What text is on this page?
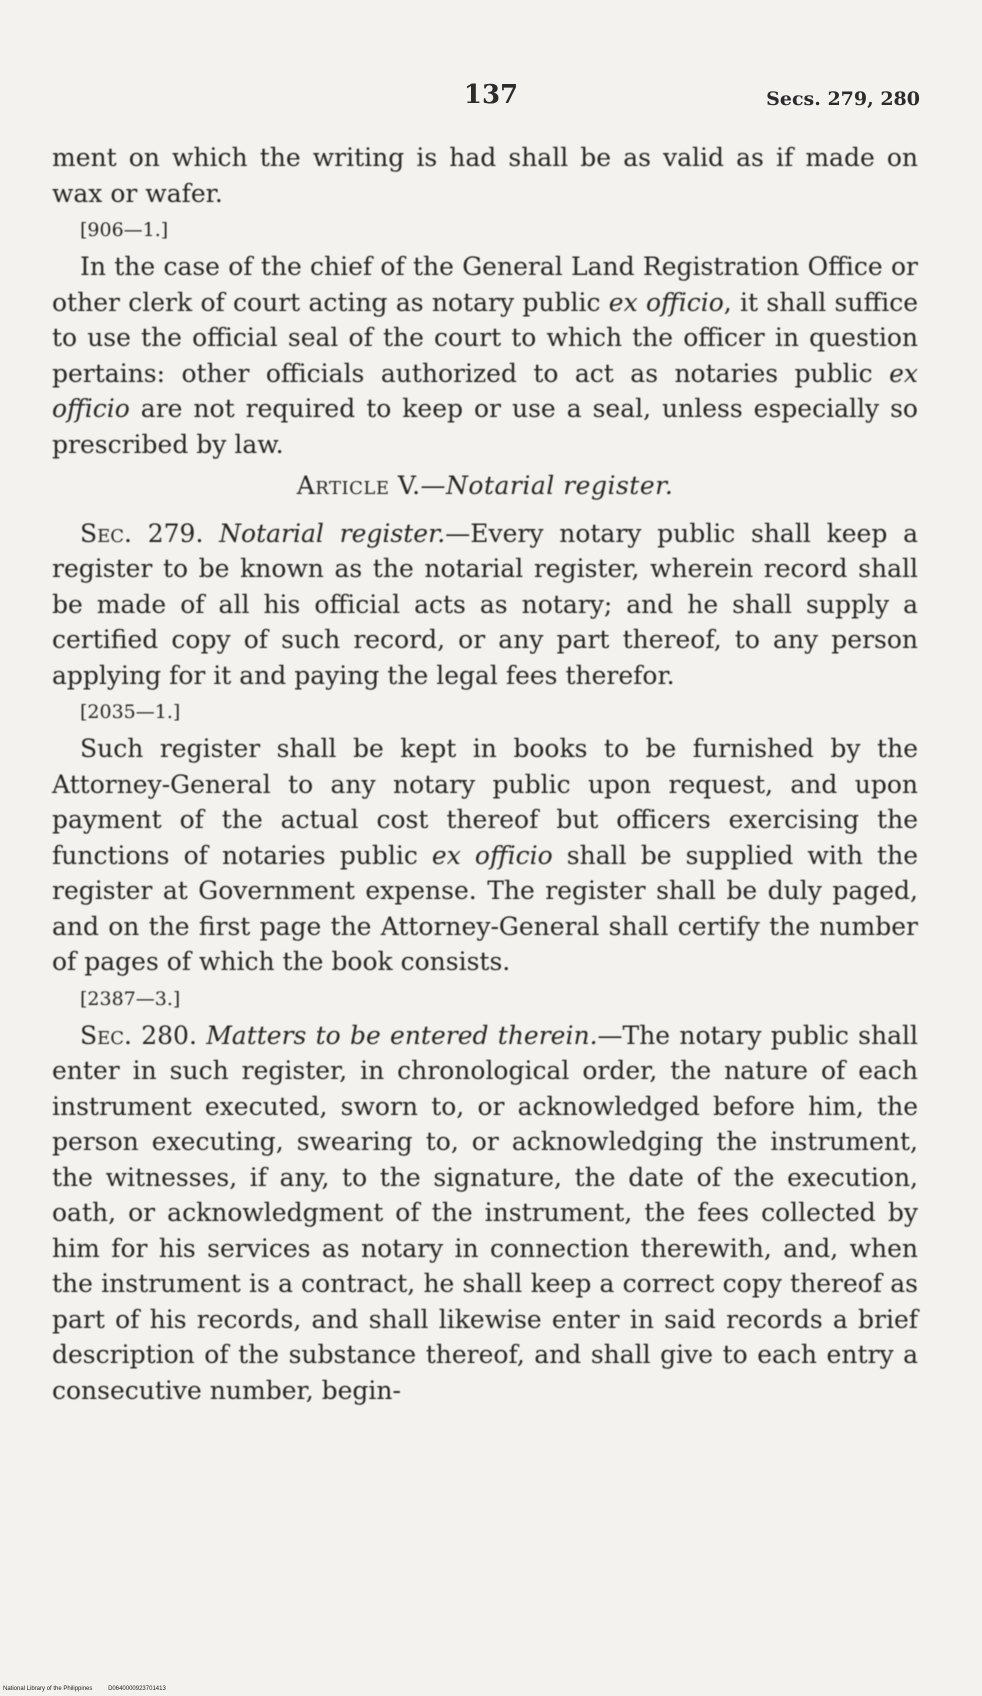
137	Secs. 279, 280

ment on which the writing is had shall be as valid as if made on wax or wafer.

[906—1.]

In the case of the chief of the General Land Registration Office or other clerk of court acting as notary public ex officio, it shall suffice to use the official seal of the court to which the officer in question pertains: other officials authorized to act as notaries public ex officio are not required to keep or use a seal, unless especially so prescribed by law.

Article V.—Notarial register.

Sec. 279. Notarial register.—Every notary public shall keep a register to be known as the notarial register, wherein record shall be made of all his official acts as notary; and he shall supply a certified copy of such record, or any part thereof, to any person applying for it and paying the legal fees therefor.

[2035—1.]

Such register shall be kept in books to be furnished by the Attorney-General to any notary public upon request, and upon payment of the actual cost thereof but officers exercising the functions of notaries public ex officio shall be supplied with the register at Government expense. The register shall be duly paged, and on the first page the Attorney-General shall certify the number of pages of which the book consists.

[2387—3.]

Sec. 280. Matters to be entered therein.—The notary public shall enter in such register, in chronological order, the nature of each instrument executed, sworn to, or acknowledged before him, the person executing, swearing to, or acknowledging the instrument, the witnesses, if any, to the signature, the date of the execution, oath, or acknowledgment of the instrument, the fees collected by him for his services as notary in connection therewith, and, when the instrument is a contract, he shall keep a correct copy thereof as part of his records, and shall likewise enter in said records a brief description of the substance thereof, and shall give to each entry a consecutive number, begin-

National Library of the Philippines	D0640000923701413
